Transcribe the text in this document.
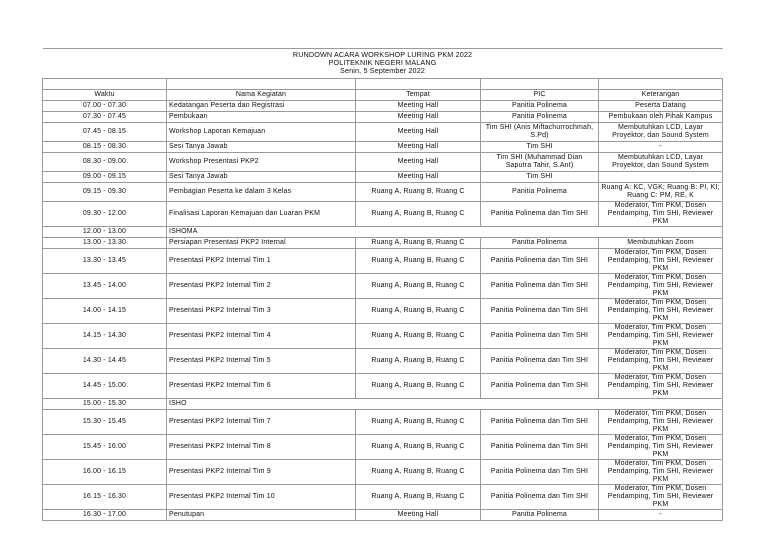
RUNDOWN ACARA WORKSHOP LURING PKM 2022				
POLITEKNIK NEGERI MALANG				
Senin, 5 September 2022				

Waktu	Nama Kegiatan	Tempat	PIC	Keterangan
07.00 - 07.30	Kedatangan Peserta dan Registrasi	Meeting Hall	Panitia Polinema	Peserta Datang
07.30 - 07.45	Pembukaan	Meeting Hall	Panitia Polinema	Pembukaan oleh Pihak Kampus
07.45 - 08.15	Workshop Laporan Kemajuan	Meeting Hall	Tim SHI (Anis Miftachurrochmah, S.Pd)	Membutuhkan LCD, Layar Proyektor, dan Sound System
08.15 - 08.30	Sesi Tanya Jawab	Meeting Hall	Tim SHI	-
08.30 - 09.00	Workshop Presentasi PKP2	Meeting Hall	Tim SHI (Muhammad Dian Saputra Tahir, S.Ant)	Membutuhkan LCD, Layar Proyektor, dan Sound System
09.00 - 09.15	Sesi Tanya Jawab	Meeting Hall	Tim SHI	
09.15 - 09.30	Pembagian Peserta ke dalam 3 Kelas	Ruang A, Ruang B, Ruang C	Panitia Polinema	Ruang A: KC, VGK; Ruang B: PI, KI; Ruang C: PM, RE, K
09.30 - 12.00	Finalisasi Laporan Kemajuan dan Luaran PKM	Ruang A, Ruang B, Ruang C	Panitia Polinema dan Tim SHI	Moderator, Tim PKM, Dosen Pendamping, Tim SHI, Reviewer PKM
12.00 - 13.00	ISHOMA			
13.00 - 13.30	Persiapan Presentasi PKP2 Internal	Ruang A, Ruang B, Ruang C	Panitia Polinema	Membutuhkan Zoom
13.30 - 13.45	Presentasi PKP2 Internal Tim 1	Ruang A, Ruang B, Ruang C	Panitia Polinema dan Tim SHI	Moderator, Tim PKM, Dosen Pendamping, Tim SHI, Reviewer PKM
13.45 - 14.00	Presentasi PKP2 Internal Tim 2	Ruang A, Ruang B, Ruang C	Panitia Polinema dan Tim SHI	Moderator, Tim PKM, Dosen Pendamping, Tim SHI, Reviewer PKM
14.00 - 14.15	Presentasi PKP2 Internal Tim 3	Ruang A, Ruang B, Ruang C	Panitia Polinema dan Tim SHI	Moderator, Tim PKM, Dosen Pendamping, Tim SHI, Reviewer PKM
14.15 - 14.30	Presentasi PKP2 Internal Tim 4	Ruang A, Ruang B, Ruang C	Panitia Polinema dan Tim SHI	Moderator, Tim PKM, Dosen Pendamping, Tim SHI, Reviewer PKM
14.30 - 14.45	Presentasi PKP2 Internal Tim 5	Ruang A, Ruang B, Ruang C	Panitia Polinema dan Tim SHI	Moderator, Tim PKM, Dosen Pendamping, Tim SHI, Reviewer PKM
14.45 - 15.00	Presentasi PKP2 Internal Tim 6	Ruang A, Ruang B, Ruang C	Panitia Polinema dan Tim SHI	Moderator, Tim PKM, Dosen Pendamping, Tim SHI, Reviewer PKM
15.00 - 15.30	ISHO			
15.30 - 15.45	Presentasi PKP2 Internal Tim 7	Ruang A, Ruang B, Ruang C	Panitia Polinema dan Tim SHI	Moderator, Tim PKM, Dosen Pendamping, Tim SHI, Reviewer PKM
15.45 - 16.00	Presentasi PKP2 Internal Tim 8	Ruang A, Ruang B, Ruang C	Panitia Polinema dan Tim SHI	Moderator, Tim PKM, Dosen Pendamping, Tim SHI, Reviewer PKM
16.00 - 16.15	Presentasi PKP2 Internal Tim 9	Ruang A, Ruang B, Ruang C	Panitia Polinema dan Tim SHI	Moderator, Tim PKM, Dosen Pendamping, Tim SHI, Reviewer PKM
16.15 - 16.30	Presentasi PKP2 Internal Tim 10	Ruang A, Ruang B, Ruang C	Panitia Polinema dan Tim SHI	Moderator, Tim PKM, Dosen Pendamping, Tim SHI, Reviewer PKM
16.30 - 17.00	Penutupan	Meeting Hall	Panitia Polinema	-
